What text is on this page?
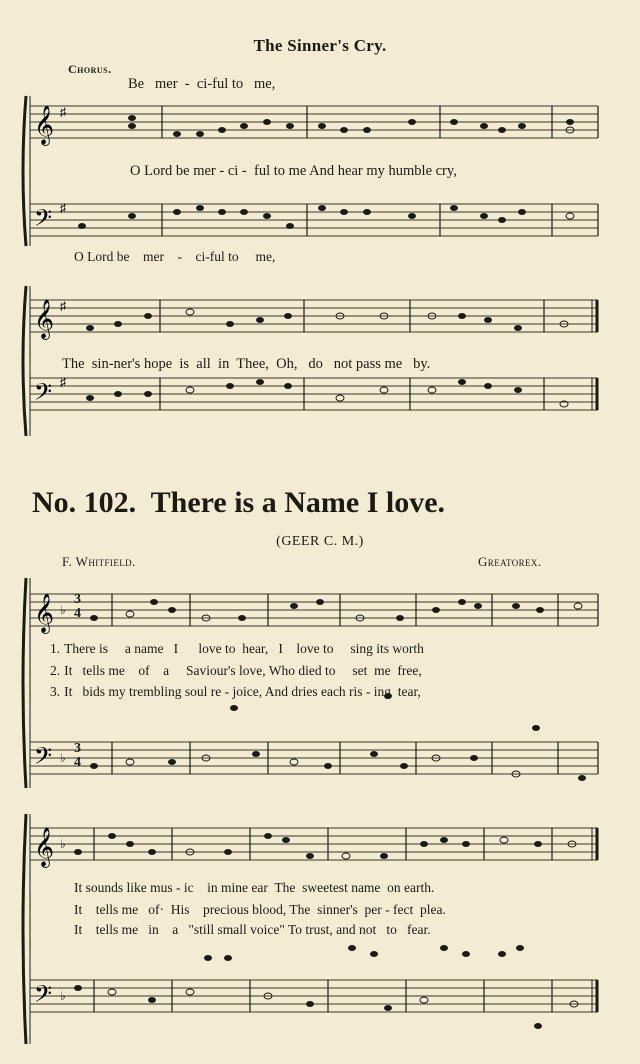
The Sinner's Cry.
Chorus.
𝄞
𝄢
♯
♯
Be   mer  -  ci-ful to   me,
O Lord be mer - ci -  ful to me And hear my humble cry,
O Lord be    mer    -    ci-ful to     me,
𝄞
𝄢
♯
♯
The  sin-ner's hope  is  all  in  Thee,  Oh,   do   not pass me   by.
No. 102.  There is a Name I love.
(GEER C. M.)
F. Whitfield.	Greatorex.
𝄞
𝄢
♭
♭
3
4
3
4
1. There is     a name   I      love to  hear,   I    love to     sing its worth
2. It   tells me    of    a     Saviour's love, Who died to     set  me  free,
3. It   bids my trembling soul re - joice, And dries each ris - ing  tear,
𝄞
𝄢
♭
♭
It sounds like mus - ic    in mine ear  The  sweetest name  on earth.
It    tells me   of·  His    precious blood, The  sinner's  per - fect  plea.
It    tells me   in    a   "still small voice" To trust, and not   to   fear.
